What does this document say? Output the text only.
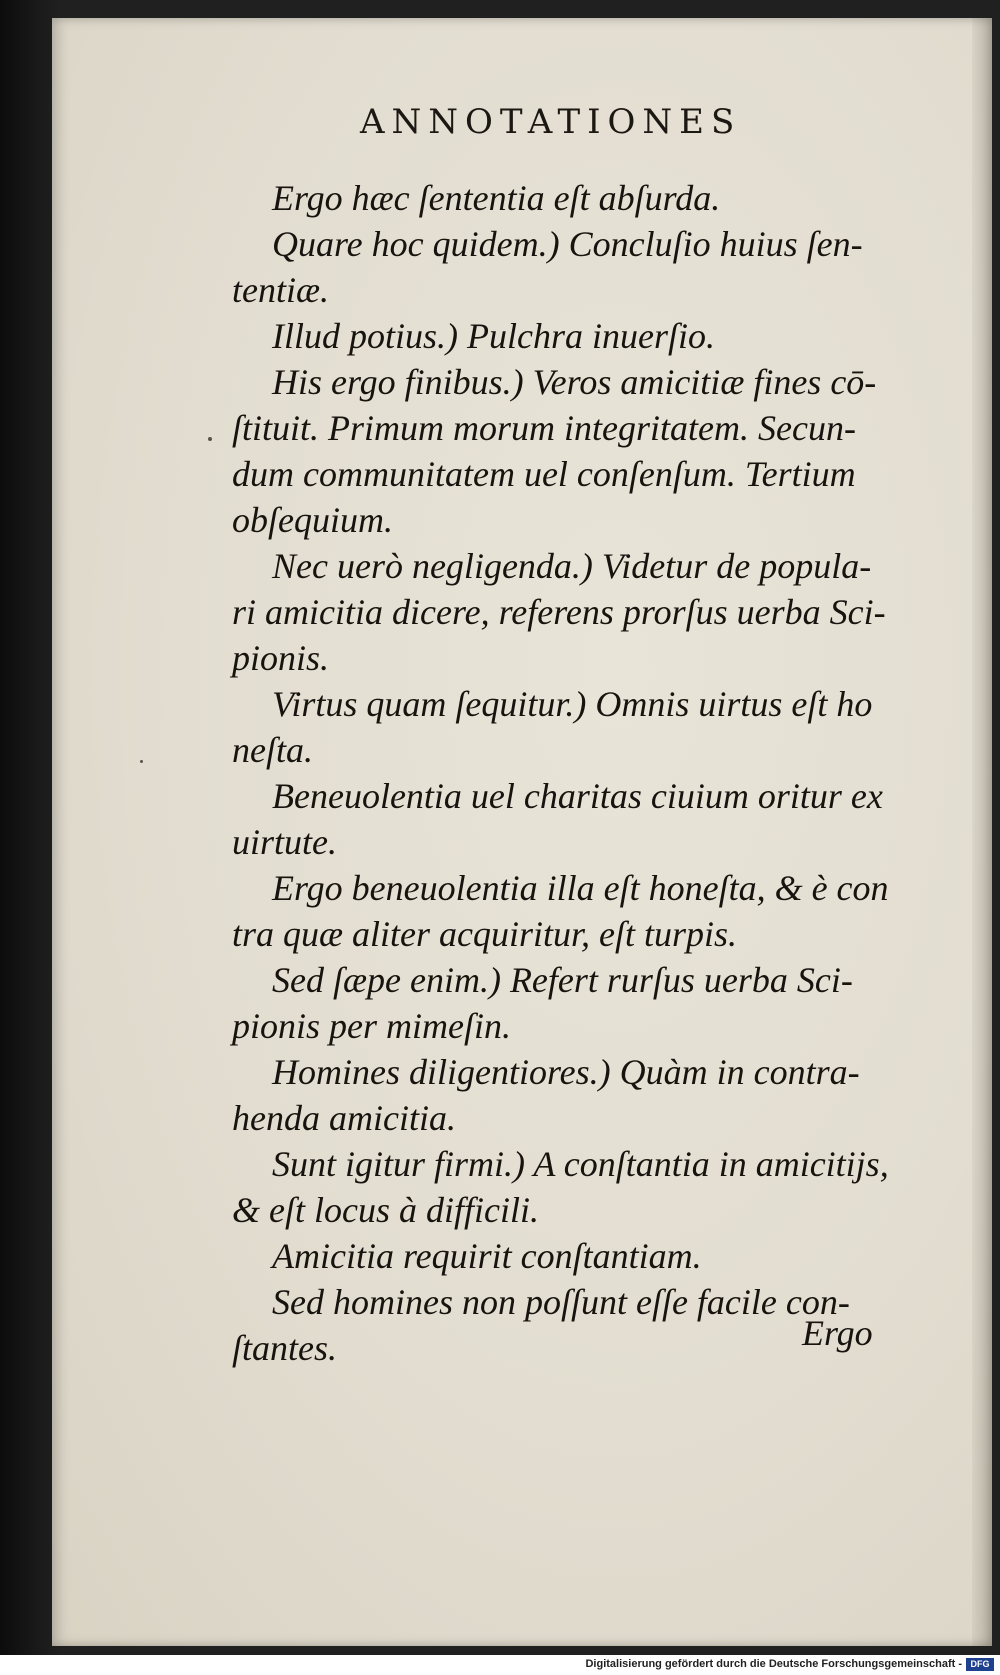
ANNOTATIONES
Ergo hæc ſententia eſt abſurda.
Quare hoc quidem.) Concluſio huius ſen-
tentiæ.
Illud potius.) Pulchra inuerſio.
His ergo finibus.) Veros amicitiæ fines cō-
ſtituit. Primum morum integritatem. Secun-
dum communitatem uel conſenſum. Tertium
obſequium.
Nec uerò negligenda.) Videtur de popula-
ri amicitia dicere, referens prorſus uerba Sci-
pionis.
Virtus quam ſequitur.) Omnis uirtus eſt ho
neſta.
Beneuolentia uel charitas ciuium oritur ex
uirtute.
Ergo beneuolentia illa eſt honeſta, & è con
tra quæ aliter acquiritur, eſt turpis.
Sed ſæpe enim.) Refert rurſus uerba Sci-
pionis per mimeſin.
Homines diligentiores.) Quàm in contra-
henda amicitia.
Sunt igitur firmi.) A conſtantia in amicitijs,
& eſt locus à difficili.
Amicitia requirit conſtantiam.
Sed homines non poſſunt eſſe facile con-
ſtantes.	Ergo
Digitalisierung gefördert durch die Deutsche Forschungsgemeinschaft - DFG
